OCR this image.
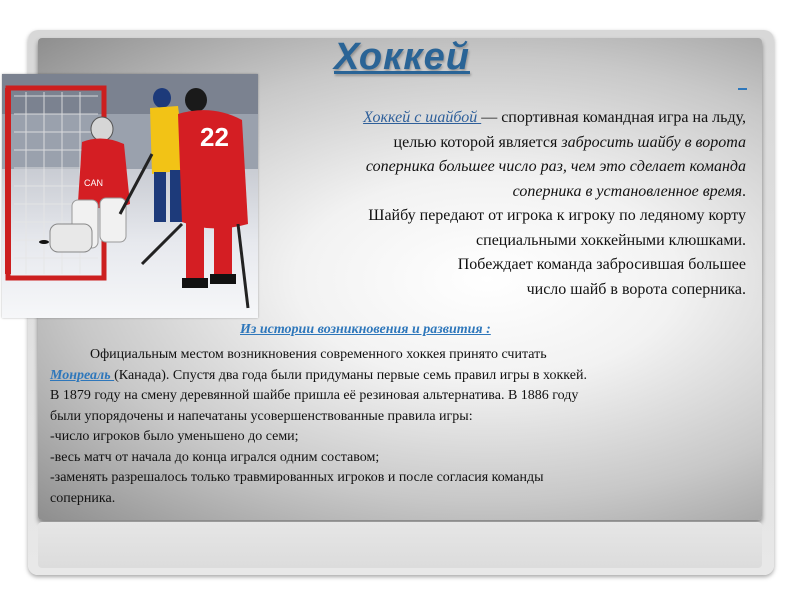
Хоккей
CAN
22
Хоккей с шайбой — спортивная командная игра на льду,
целью которой является забросить шайбу в ворота
соперника большее число раз, чем это сделает команда
соперника в установленное время.
Шайбу передают от игрока к игроку по ледяному корту
специальными хоккейными клюшками.
Побеждает команда забросившая большее
число шайб в ворота соперника.
Из истории возникновения и развития :
Официальным местом возникновения современного хоккея принято считать
Монреаль (Канада). Спустя два года были придуманы первые семь правил игры в хоккей.
В 1879 году на смену деревянной шайбе пришла её резиновая альтернатива. В 1886 году
были упорядочены и напечатаны усовершенствованные правила игры:
-число игроков было уменьшено до семи;
-весь матч от начала до конца игрался одним составом;
-заменять разрешалось только травмированных игроков и после согласия команды
соперника.
